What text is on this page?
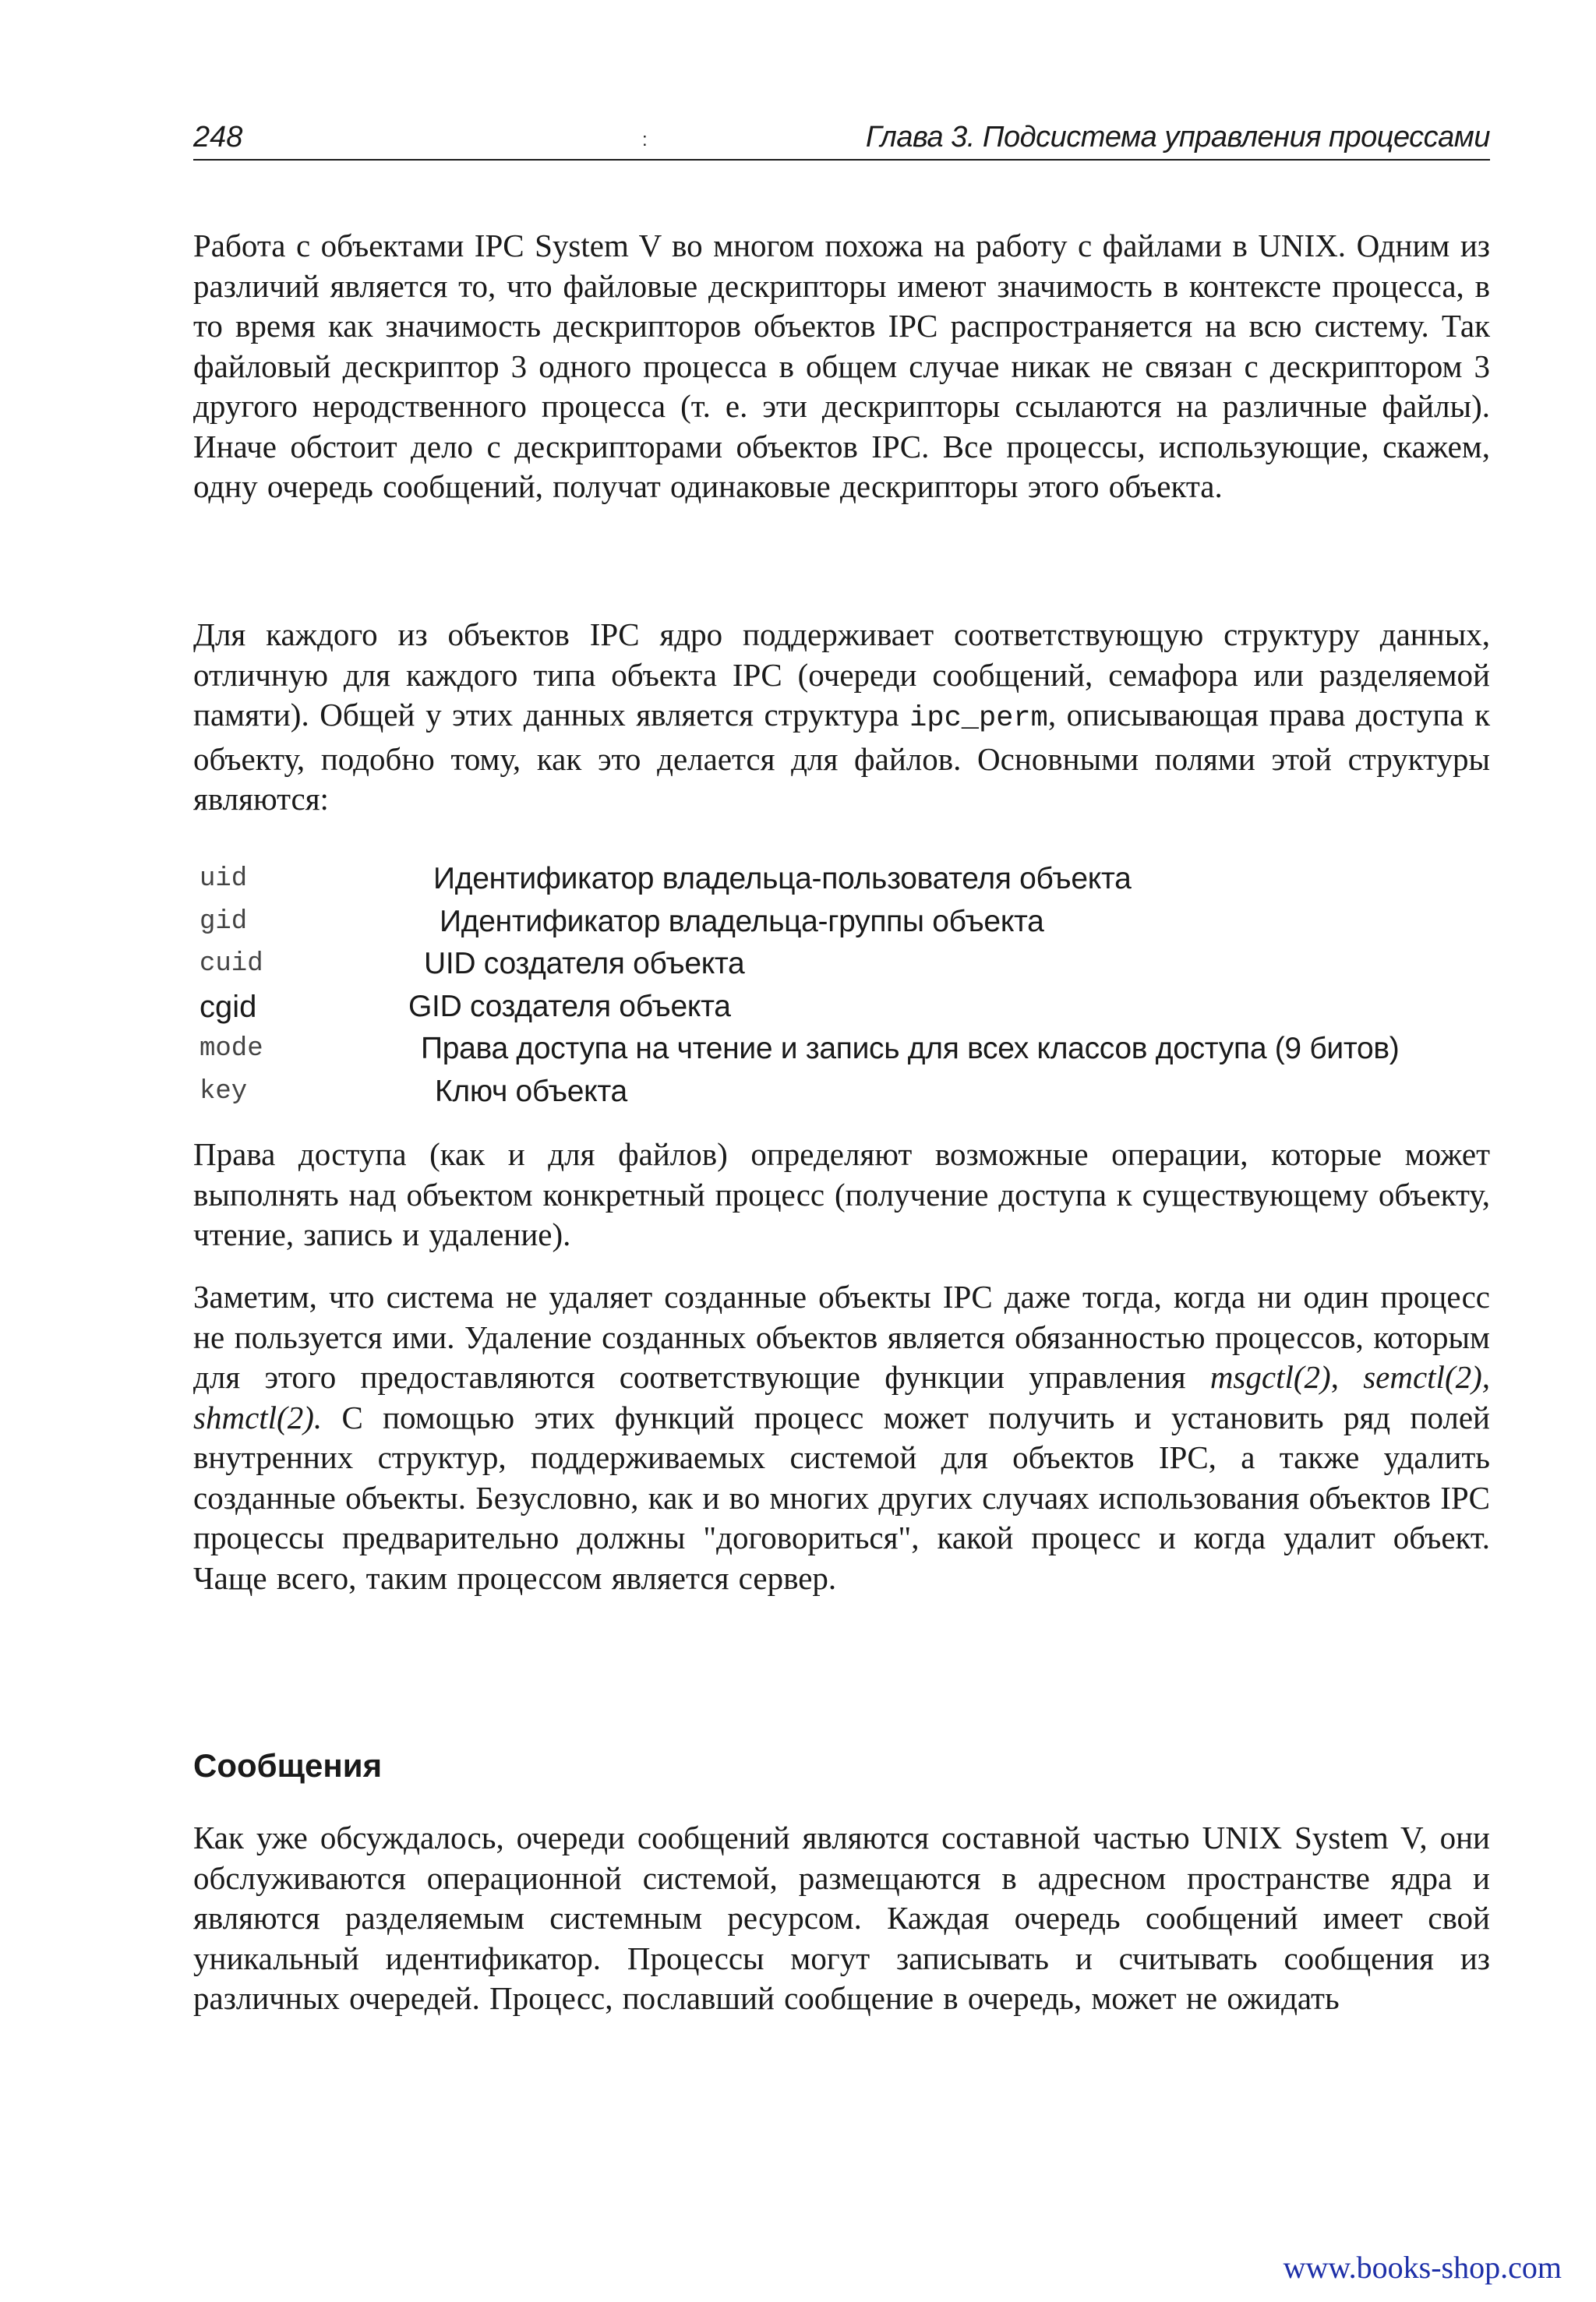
248	:	Глава 3. Подсистема управления процессами

Работа с объектами IPC System V во многом похожа на работу с файлами в UNIX. Одним из различий является то, что файловые дескрипторы имеют значимость в контексте процесса, в то время как значимость дескрипторов объектов IPC распространяется на всю систему. Так файловый дескриптор 3 одного процесса в общем случае никак не связан с дескриптором 3 другого неродственного процесса (т. е. эти дескрипторы ссылаются на различные файлы). Иначе обстоит дело с дескрипторами объектов IPC. Все процессы, использующие, скажем, одну очередь сообщений, получат одинаковые дескрипторы этого объекта.

Для каждого из объектов IPC ядро поддерживает соответствующую структуру данных, отличную для каждого типа объекта IPC (очереди сообщений, семафора или разделяемой памяти). Общей у этих данных является структура ipc_perm, описывающая права доступа к объекту, подобно тому, как это делается для файлов. Основными полями этой структуры являются:

uid	Идентификатор владельца-пользователя объекта
gid	Идентификатор владельца-группы объекта
cuid	UID создателя объекта
cgid	GID создателя объекта
mode	Права доступа на чтение и запись для всех классов доступа (9 битов)
key	Ключ объекта

Права доступа (как и для файлов) определяют возможные операции, которые может выполнять над объектом конкретный процесс (получение доступа к существующему объекту, чтение, запись и удаление).

Заметим, что система не удаляет созданные объекты IPC даже тогда, когда ни один процесс не пользуется ими. Удаление созданных объектов является обязанностью процессов, которым для этого предоставляются соответствующие функции управления msgctl(2), semctl(2), shmctl(2). С помощью этих функций процесс может получить и установить ряд полей внутренних структур, поддерживаемых системой для объектов IPC, а также удалить созданные объекты. Безусловно, как и во многих других случаях использования объектов IPC процессы предварительно должны "договориться", какой процесс и когда удалит объект. Чаще всего, таким процессом является сервер.

Сообщения

Как уже обсуждалось, очереди сообщений являются составной частью UNIX System V, они обслуживаются операционной системой, размещаются в адресном пространстве ядра и являются разделяемым системным ресурсом. Каждая очередь сообщений имеет свой уникальный идентификатор. Процессы могут записывать и считывать сообщения из различных очередей. Процесс, пославший сообщение в очередь, может не ожидать

www.books-shop.com
